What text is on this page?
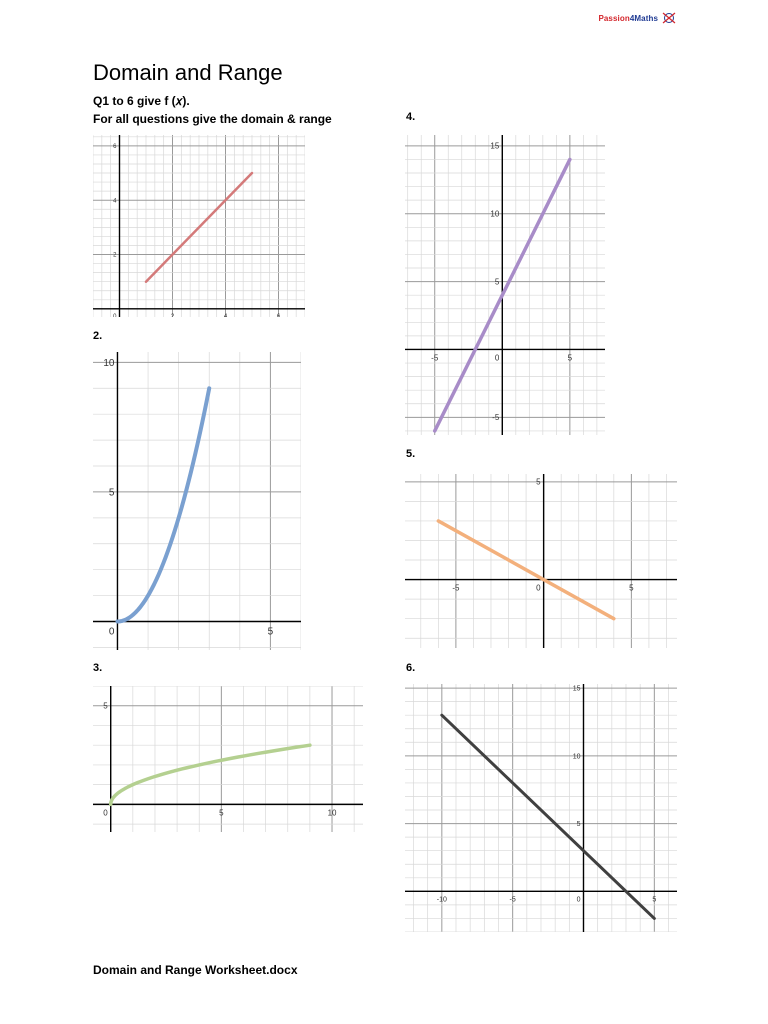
Passion 4Maths
Domain and Range
Q1 to 6 give f (𝑥).
For all questions give the domain & range
2.
3.
4.
5.
6.
0	2	4	6
2
4
6
0	5
5
10
0	5	10
5
-5	0	5
-5
5
10
15
-5	0	5
5
-10	-5	0	5
5
10
15
Domain and Range Worksheet.docx
